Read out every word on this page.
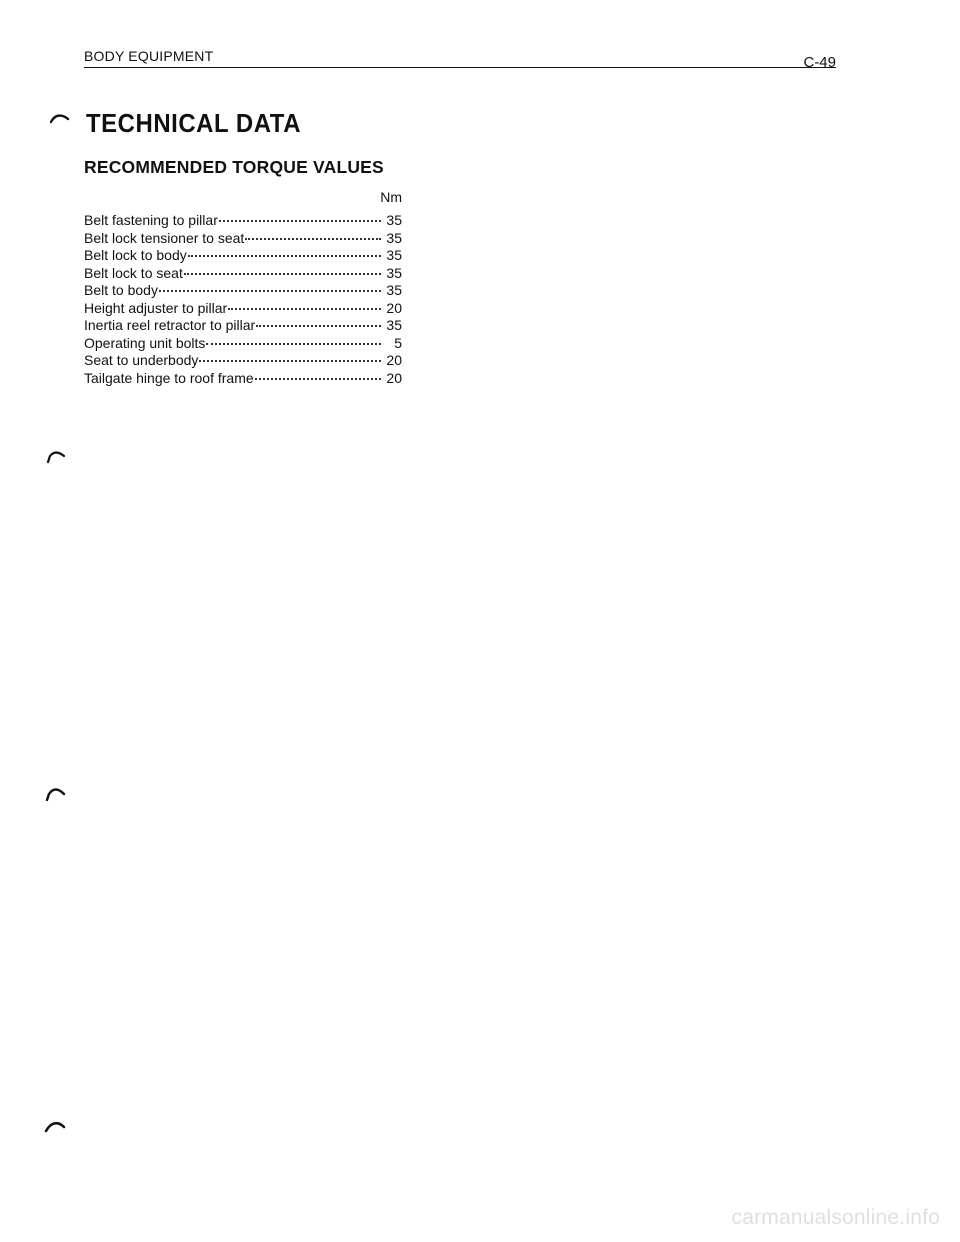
BODY EQUIPMENT	C-49
TECHNICAL DATA
RECOMMENDED TORQUE VALUES
Nm
Belt fastening to pillar	35
Belt lock tensioner to seat	35
Belt lock to body	35
Belt lock to seat	35
Belt to body	35
Height adjuster to pillar	20
Inertia reel retractor to pillar	35
Operating unit bolts	5
Seat to underbody	20
Tailgate hinge to roof frame	20
carmanualsonline.info
